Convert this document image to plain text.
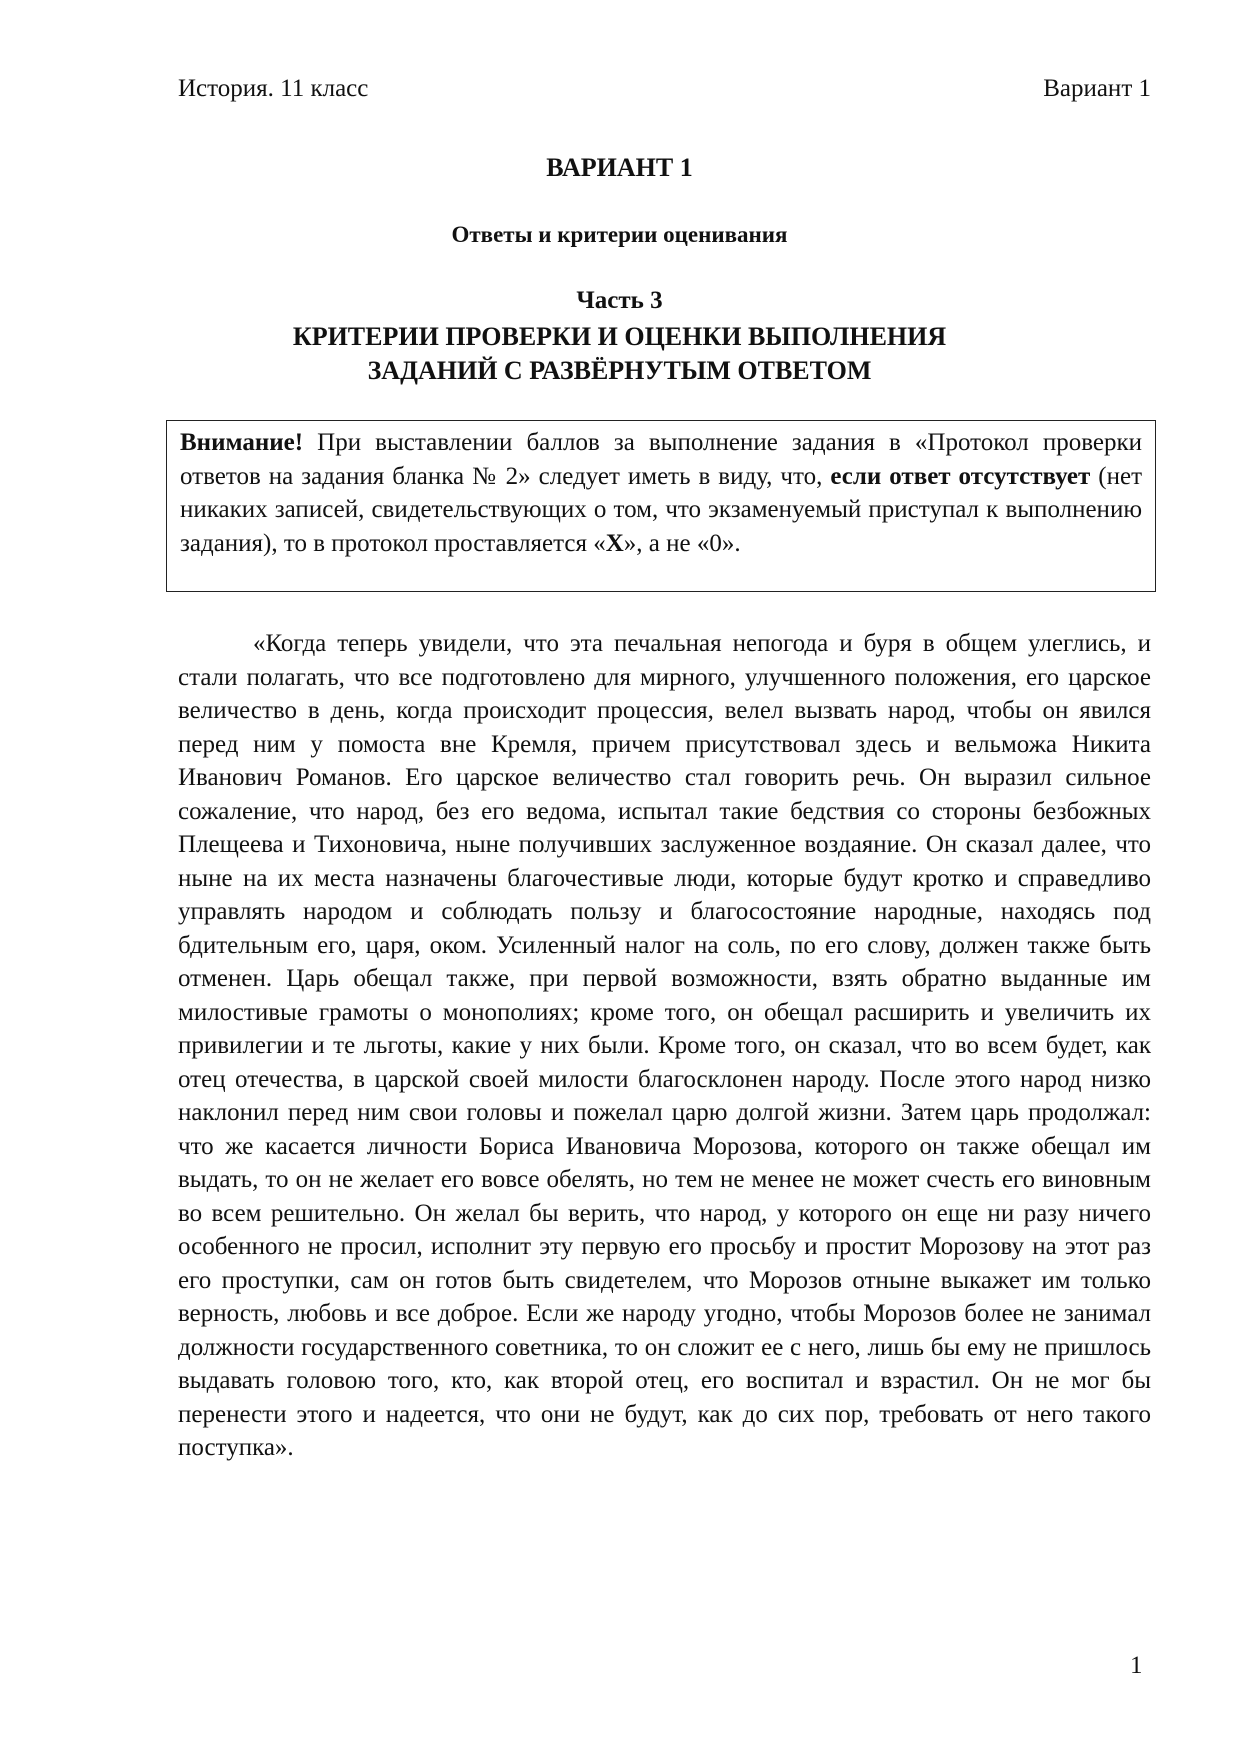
История. 11 класс	Вариант 1
ВАРИАНТ 1
Ответы и критерии оценивания
Часть 3
КРИТЕРИИ ПРОВЕРКИ И ОЦЕНКИ ВЫПОЛНЕНИЯ
ЗАДАНИЙ С РАЗВЁРНУТЫМ ОТВЕТОМ
Внимание! При выставлении баллов за выполнение задания в «Протокол проверки ответов на задания бланка № 2» следует иметь в виду, что, если ответ отсутствует (нет никаких записей, свидетельствующих о том, что экзаменуемый приступал к выполнению задания), то в протокол проставляется «X», а не «0».

«Когда теперь увидели, что эта печальная непогода и буря в общем улеглись, и стали полагать, что все подготовлено для мирного, улучшенного положения, его царское величество в день, когда происходит процессия, велел вызвать народ, чтобы он явился перед ним у помоста вне Кремля, причем присутствовал здесь и вельможа Никита Иванович Романов. Его царское величество стал говорить речь. Он выразил сильное сожаление, что народ, без его ведома, испытал такие бедствия со стороны безбожных Плещеева и Тихоновича, ныне получивших заслуженное воздаяние. Он сказал далее, что ныне на их места назначены благочестивые люди, которые будут кротко и справедливо управлять народом и соблюдать пользу и благосостояние народные, находясь под бдительным его, царя, оком. Усиленный налог на соль, по его слову, должен также быть отменен. Царь обещал также, при первой возможности, взять обратно выданные им милостивые грамоты о монополиях; кроме того, он обещал расширить и увеличить их привилегии и те льготы, какие у них были. Кроме того, он сказал, что во всем будет, как отец отечества, в царской своей милости благосклонен народу. После этого народ низко наклонил перед ним свои головы и пожелал царю долгой жизни. Затем царь продолжал: что же касается личности Бориса Ивановича Морозова, которого он также обещал им выдать, то он не желает его вовсе обелять, но тем не менее не может счесть его виновным во всем решительно. Он желал бы верить, что народ, у которого он еще ни разу ничего особенного не просил, исполнит эту первую его просьбу и простит Морозову на этот раз его проступки, сам он готов быть свидетелем, что Морозов отныне выкажет им только верность, любовь и все доброе. Если же народу угодно, чтобы Морозов более не занимал должности государственного советника, то он сложит ее с него, лишь бы ему не пришлось выдавать головою того, кто, как второй отец, его воспитал и взрастил. Он не мог бы перенести этого и надеется, что они не будут, как до сих пор, требовать от него такого поступка».

1
